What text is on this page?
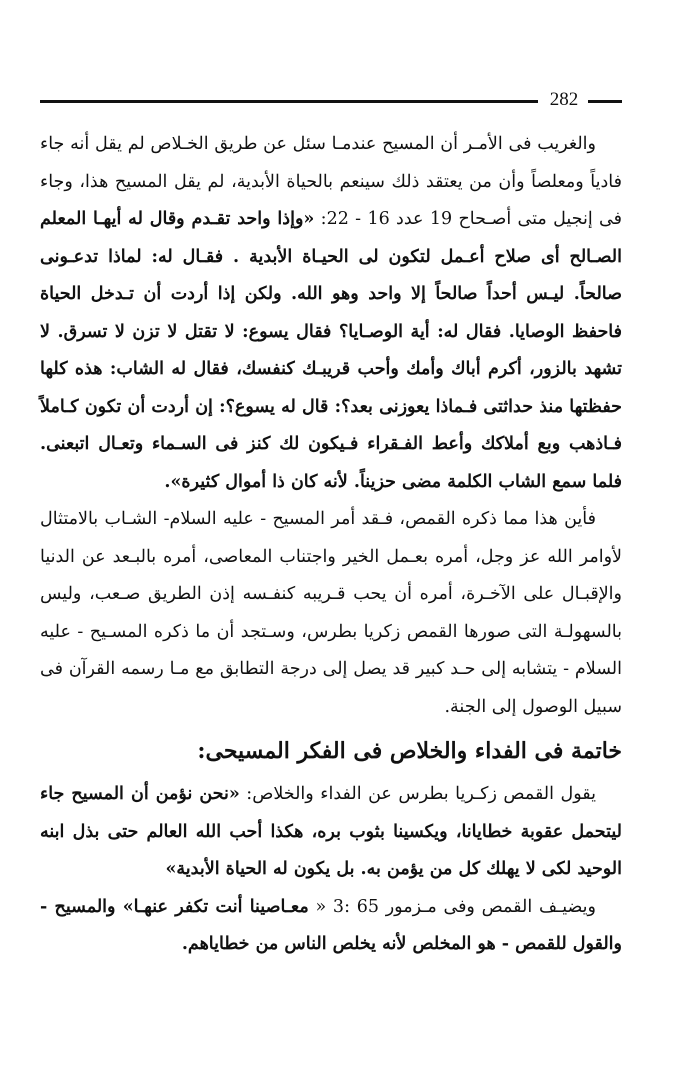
282

والغريب فى الأمـر أن المسيح عندمـا سئل عن طريق الخـلاص لم يقل أنه جاء فادياً ومعلصاً وأن من يعتقد ذلك سينعم بالحياة الأبدية، لم يقل المسيح هذا، وجاء فى إنجيل متى أصـحاح 19 عدد 16 - 22: «وإذا واحد تقـدم وقال له أيهـا المعلم الصـالح أى صلاح أعـمل لتكون لى الحيـاة الأبدية . فقـال له: لماذا تدعـونى صالحاً. ليـس أحداً صالحاً إلا واحد وهو الله. ولكن إذا أردت أن تـدخل الحياة فاحفظ الوصايا. فقال له: أية الوصـايا؟ فقال يسوع: لا تقتل لا تزن لا تسرق. لا تشهد بالزور، أكرم أباك وأمك وأحب قريبـك كنفسك، فقال له الشاب: هذه كلها حفظتها منذ حداثتى فـماذا يعوزنى بعد؟: قال له يسوع؟: إن أردت أن تكون كـاملاً فـاذهب وبع أملاكك وأعط الفـقراء فـيكون لك كنز فى السـماء وتعـال اتبعنى. فلما سمع الشاب الكلمة مضى حزيناً. لأنه كان ذا أموال كثيرة».

فأين هذا مما ذكره القمص، فـقد أمر المسيح - عليه السلام- الشـاب بالامتثال لأوامر الله عز وجل، أمره بعـمل الخير واجتناب المعاصى، أمره بالبـعد عن الدنيا والإقبـال على الآخـرة، أمره أن يحب قـريبه كنفـسه إذن الطريق صـعب، وليس بالسهولـة التى صورها القمص زكريا بطرس، وسـتجد أن ما ذكره المسـيح - عليه السلام - يتشابه إلى حـد كبير قد يصل إلى درجة التطابق مع مـا رسمه القرآن فى سبيل الوصول إلى الجنة.

خاتمة فى الفداء والخلاص فى الفكر المسيحى:

يقول القمص زكـريا بطرس عن الفداء والخلاص: «نحن نؤمن أن المسيح جاء ليتحمل عقوبة خطايانا، ويكسينا بثوب بره، هكذا أحب الله العالم حتى بذل ابنه الوحيد لكى لا يهلك كل من يؤمن به. بل يكون له الحياة الأبدية»

ويضيـف القمص وفى مـزمور 65 :3 « معـاصينا أنت تكفر عنهـا» والمسيح - والقول للقمص - هو المخلص لأنه يخلص الناس من خطاياهم.
